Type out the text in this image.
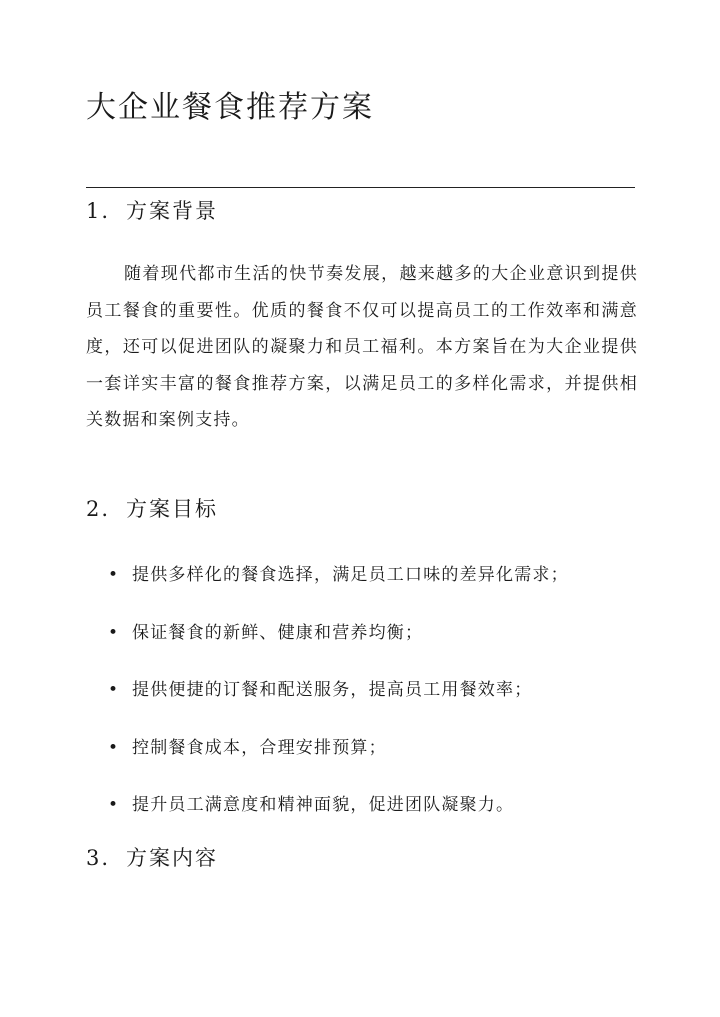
大企业餐食推荐方案
1. 方案背景

随着现代都市生活的快节奏发展，越来越多的大企业意识到提供员工餐食的重要性。优质的餐食不仅可以提高员工的工作效率和满意度，还可以促进团队的凝聚力和员工福利。本方案旨在为大企业提供一套详实丰富的餐食推荐方案，以满足员工的多样化需求，并提供相关数据和案例支持。

2. 方案目标
• 提供多样化的餐食选择，满足员工口味的差异化需求；
• 保证餐食的新鲜、健康和营养均衡；
• 提供便捷的订餐和配送服务，提高员工用餐效率；
• 控制餐食成本，合理安排预算；
• 提升员工满意度和精神面貌，促进团队凝聚力。
3. 方案内容
